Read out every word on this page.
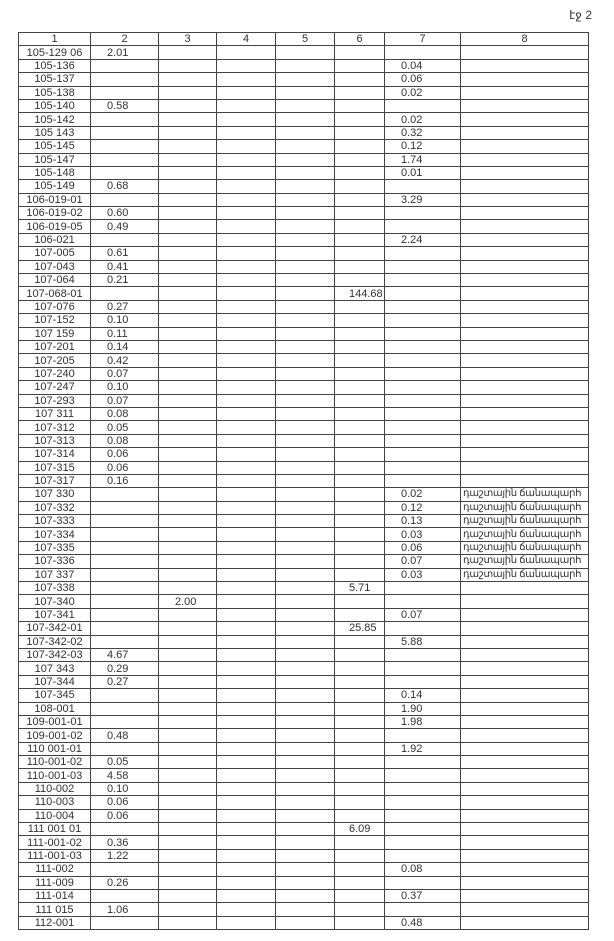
էջ 2
1	2	3	4	5	6	7	8
105-129 06	2.01						
105-136						0.04	
105-137						0.06	
105-138						0.02	
105-140	0.58						
105-142						0.02	
105 143						0.32	
105-145						0.12	
105-147						1.74	
105-148						0.01	
105-149	0.68						
106-019-01						3.29	
106-019-02	0.60						
106-019-05	0.49						
106-021						2.24	
107-005	0.61						
107-043	0.41						
107-064	0.21						
107-068-01					144.68		
107-076	0.27						
107-152	0.10						
107 159	0.11						
107-201	0.14						
107-205	0.42						
107-240	0.07						
107-247	0.10						
107-293	0.07						
107 311	0.08						
107-312	0.05						
107-313	0.08						
107-314	0.06						
107-315	0.06						
107-317	0.16						
107 330						0.02	դաշտային ճանապարհ
107-332						0.12	դաշտային ճանապարհ
107-333						0.13	դաշտային ճանապարհ
107-334						0.03	դաշտային ճանապարհ
107-335						0.06	դաշտային ճանապարհ
107-336						0.07	դաշտային ճանապարհ
107 337						0.03	դաշտային ճանապարհ
107-338					5.71		
107-340		2.00					
107-341						0.07	
107-342-01					25.85		
107-342-02						5.88	
107-342-03	4.67						
107 343	0.29						
107-344	0.27						
107-345						0.14	
108-001						1.90	
109-001-01						1.98	
109-001-02	0.48						
110 001-01						1.92	
110-001-02	0.05						
110-001-03	4.58						
110-002	0.10						
110-003	0.06						
110-004	0.06						
111 001 01					6.09		
111-001-02	0.36						
111-001-03	1.22						
111-002						0.08	
111-009	0.26						
111-014						0.37	
111 015	1.06						
112-001						0.48	
